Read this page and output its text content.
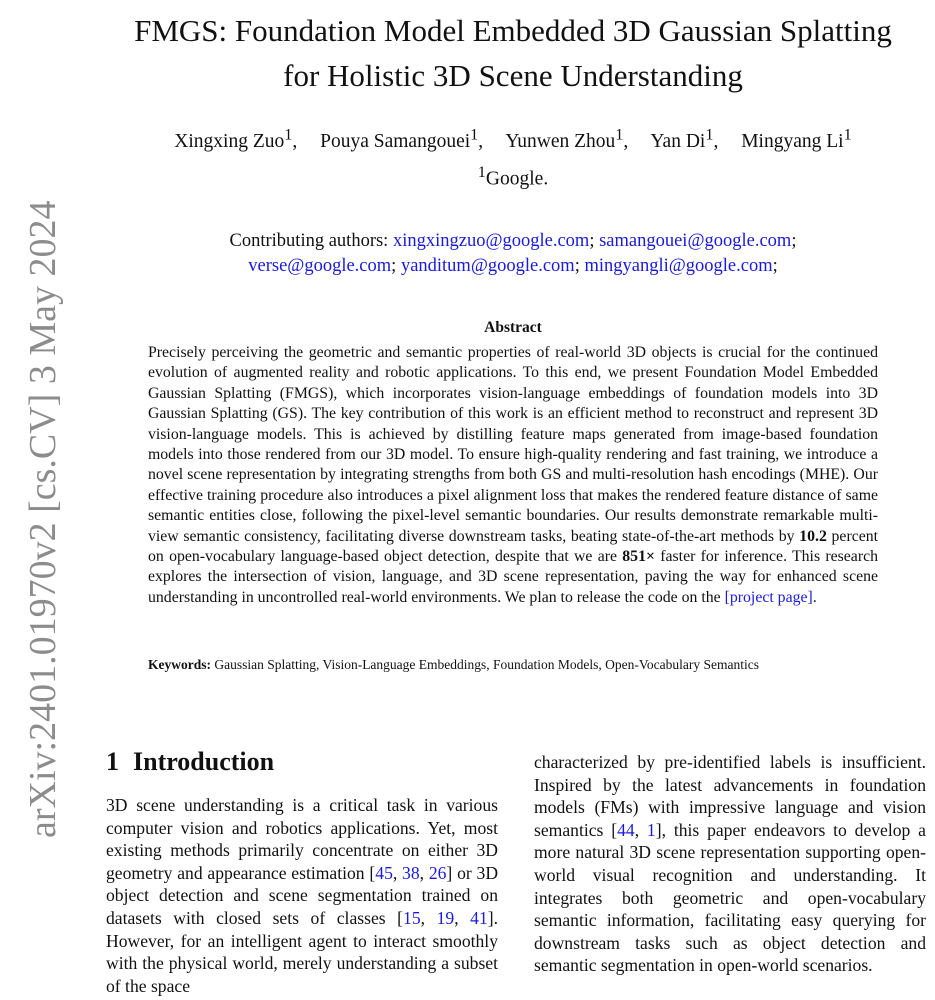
arXiv:2401.01970v2 [cs.CV] 3 May 2024
FMGS: Foundation Model Embedded 3D Gaussian Splatting
for Holistic 3D Scene Understanding
Xingxing Zuo$^1$, Pouya Samangouei$^1$, Yunwen Zhou$^1$, Yan Di$^1$, Mingyang Li$^1$
$^1$Google.
Contributing authors: xingxingzuo@google.com; samangouei@google.com;
verse@google.com; yanditum@google.com; mingyangli@google.com;
Abstract

Precisely perceiving the geometric and semantic properties of real-world 3D objects is crucial for the continued evolution of augmented reality and robotic applications. To this end, we present Foundation Model Embedded Gaussian Splatting (FMGS), which incorporates vision-language embeddings of foundation models into 3D Gaussian Splatting (GS). The key contribution of this work is an efficient method to reconstruct and represent 3D vision-language models. This is achieved by distilling feature maps generated from image-based foundation models into those rendered from our 3D model. To ensure high-quality rendering and fast training, we introduce a novel scene representation by integrating strengths from both GS and multi-resolution hash encodings (MHE). Our effective training procedure also introduces a pixel alignment loss that makes the rendered feature distance of same semantic entities close, following the pixel-level semantic boundaries. Our results demonstrate remarkable multi-view semantic consistency, facilitating diverse downstream tasks, beating state-of-the-art methods by 10.2 percent on open-vocabulary language-based object detection, despite that we are 851× faster for inference. This research explores the intersection of vision, language, and 3D scene representation, paving the way for enhanced scene understanding in uncontrolled real-world environments. We plan to release the code on the [project page].

Keywords: Gaussian Splatting, Vision-Language Embeddings, Foundation Models, Open-Vocabulary Semantics

1 Introduction

3D scene understanding is a critical task in various computer vision and robotics applications. Yet, most existing methods primarily concentrate on either 3D geometry and appearance estimation [45, 38, 26] or 3D object detection and scene segmentation trained on datasets with closed sets of classes [15, 19, 41]. However, for an intelligent agent to interact smoothly with the physical world, merely understanding a subset of the space

characterized by pre-identified labels is insufficient. Inspired by the latest advancements in foundation models (FMs) with impressive language and vision semantics [44, 1], this paper endeavors to develop a more natural 3D scene representation supporting open-world visual recognition and understanding. It integrates both geometric and open-vocabulary semantic information, facilitating easy querying for downstream tasks such as object detection and semantic segmentation in open-world scenarios.
